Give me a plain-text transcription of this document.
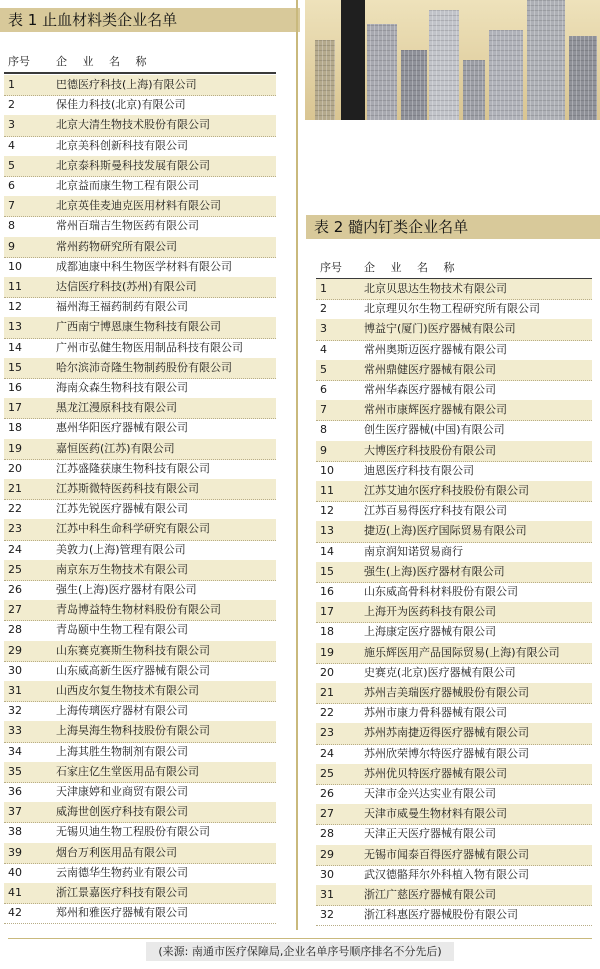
表 1 止血材料类企业名单
序号 企 业 名 称
1	巴德医疗科技(上海)有限公司
2	保佳力科技(北京)有限公司
3	北京大清生物技术股份有限公司
4	北京美科创新科技有限公司
5	北京泰科斯曼科技发展有限公司
6	北京益而康生物工程有限公司
7	北京英佳麦迪克医用材料有限公司
8	常州百瑞吉生物医药有限公司
9	常州药物研究所有限公司
10	成都迪康中科生物医学材料有限公司
11	达信医疗科技(苏州)有限公司
12	福州海王福药制药有限公司
13	广西南宁博恩康生物科技有限公司
14	广州市弘健生物医用制品科技有限公司
15	哈尔滨沛奇隆生物制药股份有限公司
16	海南众森生物科技有限公司
17	黑龙江漫原科技有限公司
18	惠州华阳医疗器械有限公司
19	嘉恒医药(江苏)有限公司
20	江苏盛隆获康生物科技有限公司
21	江苏斯微特医药科技有限公司
22	江苏先锐医疗器械有限公司
23	江苏中科生命科学研究有限公司
24	美敦力(上海)管理有限公司
25	南京东万生物技术有限公司
26	强生(上海)医疗器材有限公司
27	青岛博益特生物材料股份有限公司
28	青岛颐中生物工程有限公司
29	山东赛克赛斯生物科技有限公司
30	山东威高新生医疗器械有限公司
31	山西皮尔复生物技术有限公司
32	上海传璃医疗器材有限公司
33	上海昊海生物科技股份有限公司
34	上海其胜生物制剂有限公司
35	石家庄亿生堂医用品有限公司
36	天津康婷和业商贸有限公司
37	威海世创医疗科技有限公司
38	无锡贝迪生物工程股份有限公司
39	烟台万利医用品有限公司
40	云南德华生物药业有限公司
41	浙江景嘉医疗科技有限公司
42	郑州和雅医疗器械有限公司
表 2 髓内钉类企业名单
序号 企 业 名 称
1	北京贝思达生物技术有限公司
2	北京理贝尔生物工程研究所有限公司
3	博益宁(厦门)医疗器械有限公司
4	常州奥斯迈医疗器械有限公司
5	常州鼎健医疗器械有限公司
6	常州华森医疗器械有限公司
7	常州市康辉医疗器械有限公司
8	创生医疗器械(中国)有限公司
9	大博医疗科技股份有限公司
10	迪恩医疗科技有限公司
11	江苏艾迪尔医疗科技股份有限公司
12	江苏百易得医疗科技有限公司
13	捷迈(上海)医疗国际贸易有限公司
14	南京润知诺贸易商行
15	强生(上海)医疗器材有限公司
16	山东威高骨科材料股份有限公司
17	上海开为医药科技有限公司
18	上海康定医疗器械有限公司
19	施乐辉医用产品国际贸易(上海)有限公司
20	史赛克(北京)医疗器械有限公司
21	苏州吉美瑞医疗器械股份有限公司
22	苏州市康力骨科器械有限公司
23	苏州苏南捷迈得医疗器械有限公司
24	苏州欣荣博尔特医疗器械有限公司
25	苏州优贝特医疗器械有限公司
26	天津市金兴达实业有限公司
27	天津市威曼生物材料有限公司
28	天津正天医疗器械有限公司
29	无锡市闻泰百得医疗器械有限公司
30	武汉德骼拜尔外科植入物有限公司
31	浙江广慈医疗器械有限公司
32	浙江科惠医疗器械股份有限公司
(来源: 南通市医疗保障局,企业名单序号顺序排名不分先后)
